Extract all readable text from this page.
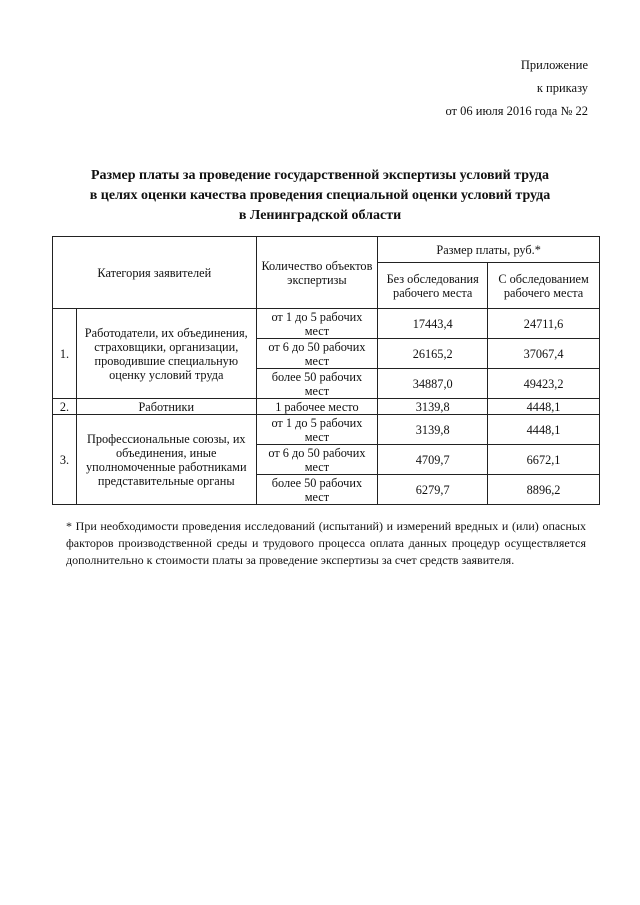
Приложение
к приказу
от 06 июля 2016 года № 22
Размер платы за проведение государственной экспертизы условий труда
в целях оценки качества проведения специальной оценки условий труда
в Ленинградской области
Категория заявителей		Количество объектов экспертизы	Размер платы, руб.*	
			Без обследования рабочего места	С обследованием рабочего места
1.	Работодатели, их объединения, страховщики, организации, проводившие специальную оценку условий труда	от 1 до 5 рабочих мест	17443,4	24711,6
		от 6 до 50 рабочих мест	26165,2	37067,4
		более 50 рабочих мест	34887,0	49423,2
2.	Работники	1 рабочее место	3139,8	4448,1
3.	Профессиональные союзы, их объединения, иные уполномоченные работниками представительные органы	от 1 до 5 рабочих мест	3139,8	4448,1
		от 6 до 50 рабочих мест	4709,7	6672,1
		более 50 рабочих мест	6279,7	8896,2
* При необходимости проведения исследований (испытаний) и измерений вредных и (или) опасных факторов производственной среды и трудового процесса оплата данных процедур осуществляется дополнительно к стоимости платы за проведение экспертизы за счет средств заявителя.
